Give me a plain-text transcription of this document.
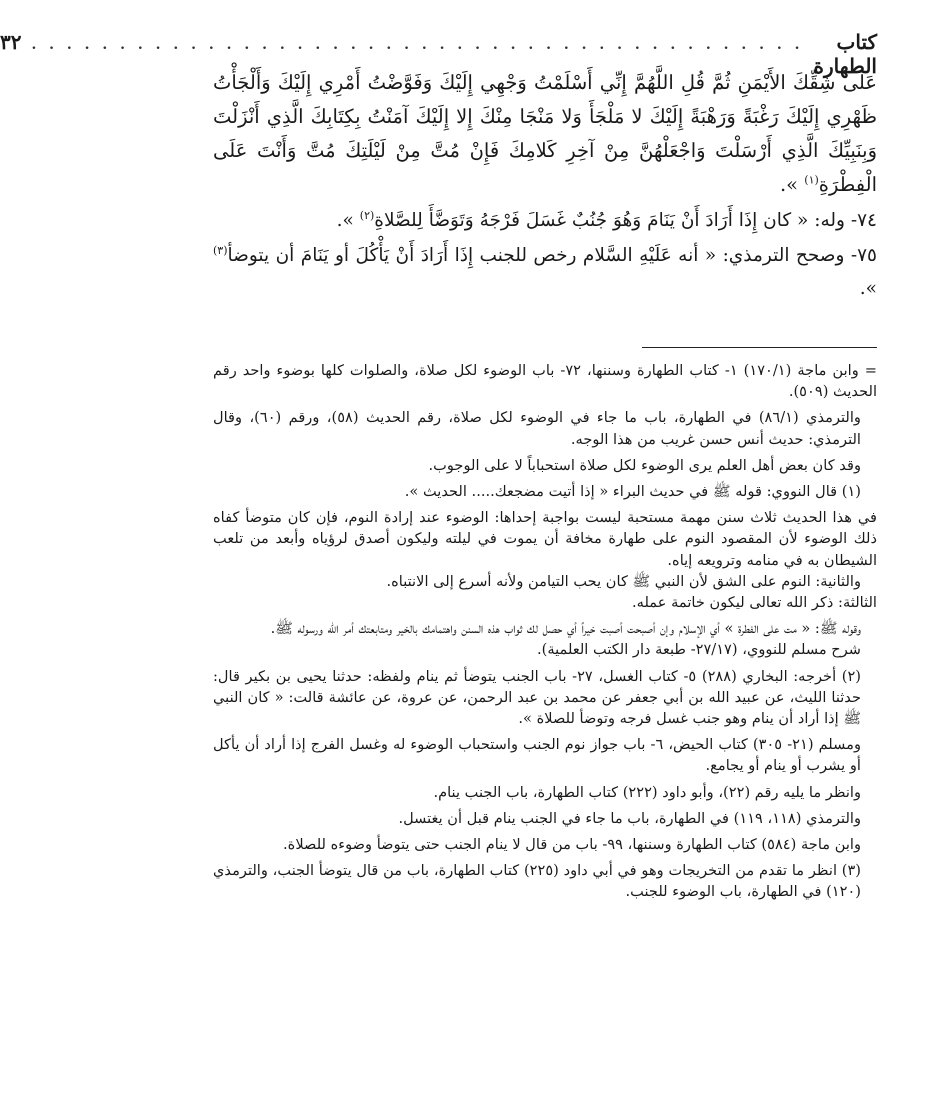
كتاب الطهارة
. . . . . . . . . . . . . . . . . . . . . . . . . . . . . . . . . . . . . . . . . . . .
٣٢

عَلَى شِقِّكَ الأَيْمَنِ ثُمَّ قُلِ اللَّهُمَّ إِنِّي أَسْلَمْتُ وَجْهِي إِلَيْكَ وَفَوَّضْتُ أَمْرِي إِلَيْكَ وَأَلْجَأْتُ ظَهْرِي إِلَيْكَ رَغْبَةً وَرَهْبَةً إِلَيْكَ لا مَلْجَأَ وَلا مَنْجَا مِنْكَ إِلا إِلَيْكَ آمَنْتُ بِكِتَابِكَ الَّذِي أَنْزَلْتَ وَبِنَبِيِّكَ الَّذِي أَرْسَلْتَ وَاجْعَلْهُنَّ مِنْ آخِرِ كَلامِكَ فَإِنْ مُتَّ مِنْ لَيْلَتِكَ مُتَّ وَأَنْتَ عَلَى الْفِطْرَةِ$^{(١)}$ ».

٧٤- وله: « كان إِذَا أَرَادَ أَنْ يَنَامَ وَهُوَ جُنُبٌ غَسَلَ فَرْجَهُ وَتَوَضَّأَ لِلصَّلاةِ$^{(٢)}$ ».

٧٥- وصحح الترمذي: « أنه عَلَيْهِ السَّلام رخص للجنب إِذَا أَرَادَ أَنْ يَأْكُلَ أو يَنَامَ أن يتوضأ$^{(٣)}$ ».

= وابن ماجة (١٧٠/١) ١- كتاب الطهارة وسننها، ٧٢- باب الوضوء لكل صلاة، والصلوات كلها بوضوء واحد رقم الحديث (٥٠٩).

والترمذي (٨٦/١) في الطهارة، باب ما جاء في الوضوء لكل صلاة، رقم الحديث (٥٨)، ورقم (٦٠)، وقال الترمذي: حديث أنس حسن غريب من هذا الوجه.

وقد كان بعض أهل العلم يرى الوضوء لكل صلاة استحباباً لا على الوجوب.

(١) قال النووي: قوله ﷺ في حديث البراء « إذا أتيت مضجعك..... الحديث ».

في هذا الحديث ثلاث سنن مهمة مستحبة ليست بواجبة إحداها: الوضوء عند إرادة النوم، فإن كان متوضأ كفاه ذلك الوضوء لأن المقصود النوم على طهارة مخافة أن يموت في ليلته وليكون أصدق لرؤياه وأبعد من تلعب الشيطان به في منامه وترويعه إياه.

والثانية: النوم على الشق لأن النبي ﷺ كان يحب التيامن ولأنه أسرع إلى الانتباه.

الثالثة: ذكر الله تعالى ليكون خاتمة عمله.

وقوله ﷺ: « مت على الفطرة » أي الإسلام وإن أصبحت أصبت خيراً أي حصل لك ثواب هذه السنن واهتمامك بالخير ومتابعتك أمر الله ورسوله ﷺ.

شرح مسلم للنووي، (٢٧/١٧- طبعة دار الكتب العلمية).

(٢) أخرجه: البخاري (٢٨٨) ٥- كتاب الغسل، ٢٧- باب الجنب يتوضأ ثم ينام ولفظه: حدثنا يحيى بن بكير قال: حدثنا الليث، عن عبيد الله بن أبي جعفر عن محمد بن عبد الرحمن، عن عروة، عن عائشة قالت: « كان النبي ﷺ إذا أراد أن ينام وهو جنب غسل فرجه وتوضأ للصلاة ».

ومسلم (٢١- ٣٠٥) كتاب الحيض، ٦- باب جواز نوم الجنب واستحباب الوضوء له وغسل الفرج إذا أراد أن يأكل أو يشرب أو ينام أو يجامع.

وانظر ما يليه رقم (٢٢)، وأبو داود (٢٢٢) كتاب الطهارة، باب الجنب ينام.

والترمذي (١١٨، ١١٩) في الطهارة، باب ما جاء في الجنب ينام قبل أن يغتسل.

وابن ماجة (٥٨٤) كتاب الطهارة وسننها، ٩٩- باب من قال لا ينام الجنب حتى يتوضأ وضوءه للصلاة.

(٣) انظر ما تقدم من التخريجات وهو في أبي داود (٢٢٥) كتاب الطهارة، باب من قال يتوضأ الجنب، والترمذي (١٢٠) في الطهارة، باب الوضوء للجنب.
